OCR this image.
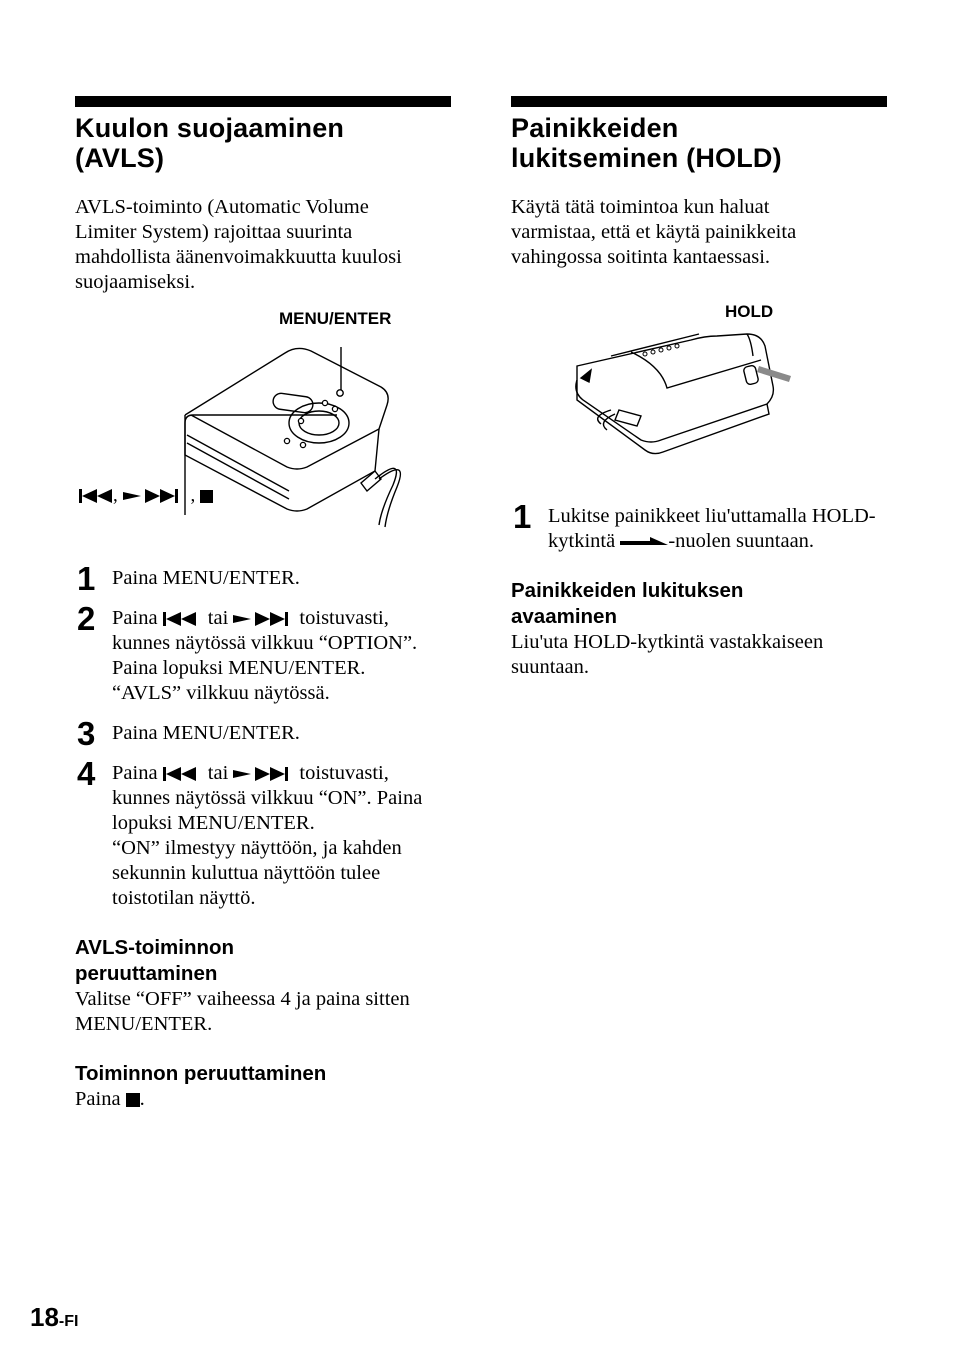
Kuulon suojaaminen
(AVLS)

AVLS-toiminto (Automatic Volume Limiter System) rajoittaa suurinta mahdollista äänenvoimakkuutta kuulosi suojaamiseksi.

MENU/ENTER
,	,
1 Paina MENU/ENTER.

2 Paina tai	toistuvasti, kunnes näytössä vilkkuu “OPTION”. Paina lopuksi MENU/ENTER.

“AVLS” vilkkuu näytössä.

3 Paina MENU/ENTER.

4 Paina tai	toistuvasti, kunnes näytössä vilkkuu “ON”. Paina lopuksi MENU/ENTER.

“ON” ilmestyy näyttöön, ja kahden sekunnin kuluttua näyttöön tulee toistotilan näyttö.

AVLS-toiminnon
peruuttaminen

Valitse “OFF” vaiheessa 4 ja paina sitten MENU/ENTER.

Toiminnon peruuttaminen

Paina .

Painikkeiden
lukitseminen (HOLD)

Käytä tätä toimintoa kun haluat varmistaa, että et käytä painikkeita vahingossa soitinta kantaessasi.

HOLD
1 Lukitse painikkeet liu'uttamalla HOLD-kytkintä	-nuolen suuntaan.

Painikkeiden lukituksen
avaaminen

Liu'uta HOLD-kytkintä vastakkaiseen suuntaan.

18-FI
